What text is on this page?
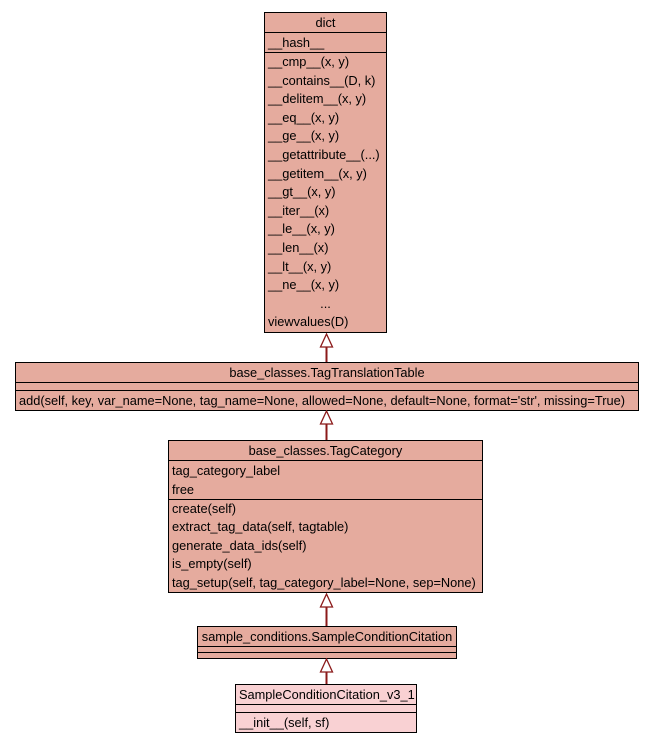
dict
__hash__
__cmp__(x, y)
__contains__(D, k)
__delitem__(x, y)
__eq__(x, y)
__ge__(x, y)
__getattribute__(...)
__getitem__(x, y)
__gt__(x, y)
__iter__(x)
__le__(x, y)
__len__(x)
__lt__(x, y)
__ne__(x, y)
...
viewvalues(D)
base_classes.TagTranslationTable
add(self, key, var_name=None, tag_name=None, allowed=None, default=None, format='str', missing=True)
base_classes.TagCategory
tag_category_label
free
create(self)
extract_tag_data(self, tagtable)
generate_data_ids(self)
is_empty(self)
tag_setup(self, tag_category_label=None, sep=None)
sample_conditions.SampleConditionCitation
SampleConditionCitation_v3_1
__init__(self, sf)
